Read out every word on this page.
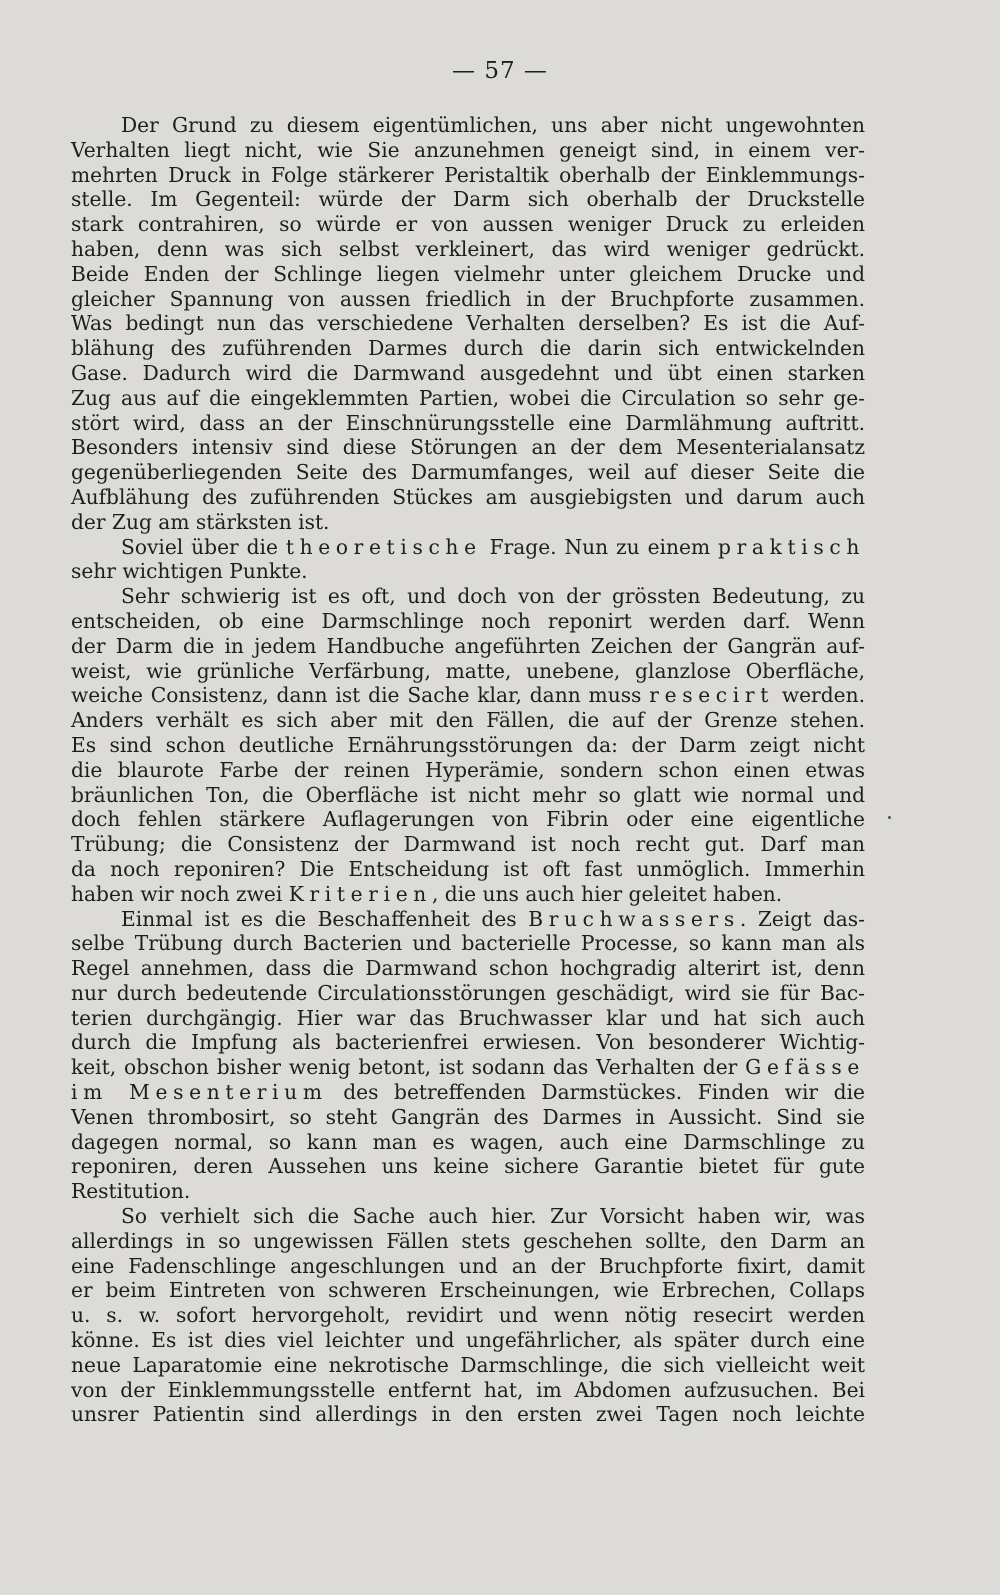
— 57 —
Der Grund zu diesem eigentümlichen, uns aber nicht ungewohnten
Verhalten liegt nicht, wie Sie anzunehmen geneigt sind, in einem ver-
mehrten Druck in Folge stärkerer Peristaltik oberhalb der Einklemmungs-
stelle. Im Gegenteil: würde der Darm sich oberhalb der Druckstelle
stark contrahiren, so würde er von aussen weniger Druck zu erleiden
haben, denn was sich selbst verkleinert, das wird weniger gedrückt.
Beide Enden der Schlinge liegen vielmehr unter gleichem Drucke und
gleicher Spannung von aussen friedlich in der Bruchpforte zusammen.
Was bedingt nun das verschiedene Verhalten derselben? Es ist die Auf-
blähung des zuführenden Darmes durch die darin sich entwickelnden
Gase. Dadurch wird die Darmwand ausgedehnt und übt einen starken
Zug aus auf die eingeklemmten Partien, wobei die Circulation so sehr ge-
stört wird, dass an der Einschnürungsstelle eine Darmlähmung auftritt.
Besonders intensiv sind diese Störungen an der dem Mesenterialansatz
gegenüberliegenden Seite des Darmumfanges, weil auf dieser Seite die
Aufblähung des zuführenden Stückes am ausgiebigsten und darum auch
der Zug am stärksten ist.
Soviel über die theoretische Frage. Nun zu einem praktisch
sehr wichtigen Punkte.
Sehr schwierig ist es oft, und doch von der grössten Bedeutung, zu
entscheiden, ob eine Darmschlinge noch reponirt werden darf. Wenn
der Darm die in jedem Handbuche angeführten Zeichen der Gangrän auf-
weist, wie grünliche Verfärbung, matte, unebene, glanzlose Oberfläche,
weiche Consistenz, dann ist die Sache klar, dann muss resecirt werden.
Anders verhält es sich aber mit den Fällen, die auf der Grenze stehen.
Es sind schon deutliche Ernährungsstörungen da: der Darm zeigt nicht
die blaurote Farbe der reinen Hyperämie, sondern schon einen etwas
bräunlichen Ton, die Oberfläche ist nicht mehr so glatt wie normal und
doch fehlen stärkere Auflagerungen von Fibrin oder eine eigentliche
Trübung; die Consistenz der Darmwand ist noch recht gut. Darf man
da noch reponiren? Die Entscheidung ist oft fast unmöglich. Immerhin
haben wir noch zwei Kriterien, die uns auch hier geleitet haben.
Einmal ist es die Beschaffenheit des Bruchwassers. Zeigt das-
selbe Trübung durch Bacterien und bacterielle Processe, so kann man als
Regel annehmen, dass die Darmwand schon hochgradig alterirt ist, denn
nur durch bedeutende Circulationsstörungen geschädigt, wird sie für Bac-
terien durchgängig. Hier war das Bruchwasser klar und hat sich auch
durch die Impfung als bacterienfrei erwiesen. Von besonderer Wichtig-
keit, obschon bisher wenig betont, ist sodann das Verhalten der Gefässe
im Mesenterium des betreffenden Darmstückes. Finden wir die
Venen thrombosirt, so steht Gangrän des Darmes in Aussicht. Sind sie
dagegen normal, so kann man es wagen, auch eine Darmschlinge zu
reponiren, deren Aussehen uns keine sichere Garantie bietet für gute
Restitution.
So verhielt sich die Sache auch hier. Zur Vorsicht haben wir, was
allerdings in so ungewissen Fällen stets geschehen sollte, den Darm an
eine Fadenschlinge angeschlungen und an der Bruchpforte fixirt, damit
er beim Eintreten von schweren Erscheinungen, wie Erbrechen, Collaps
u. s. w. sofort hervorgeholt, revidirt und wenn nötig resecirt werden
könne. Es ist dies viel leichter und ungefährlicher, als später durch eine
neue Laparatomie eine nekrotische Darmschlinge, die sich vielleicht weit
von der Einklemmungsstelle entfernt hat, im Abdomen aufzusuchen. Bei
unsrer Patientin sind allerdings in den ersten zwei Tagen noch leichte
